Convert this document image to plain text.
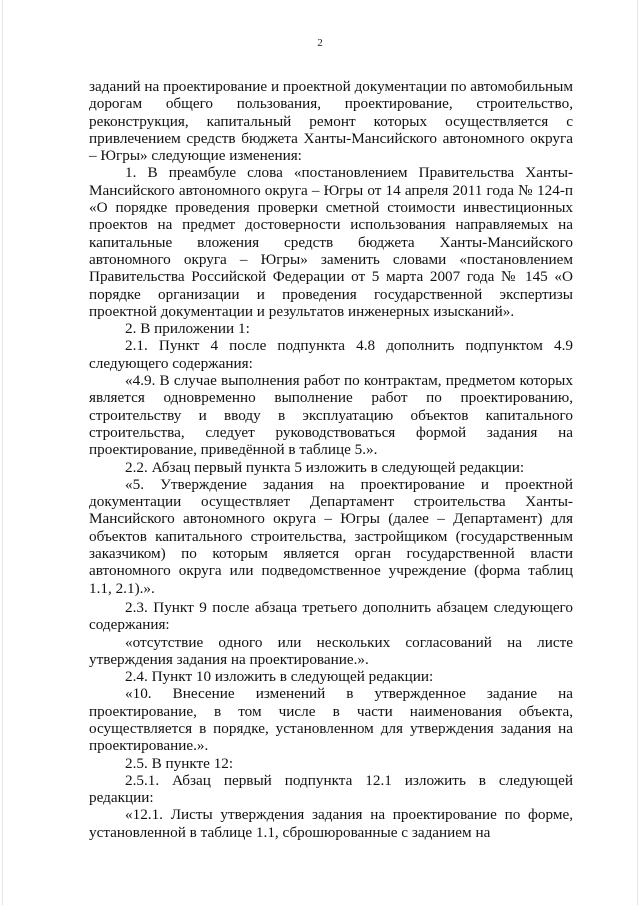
2

заданий на проектирование и проектной документации по автомобильным дорогам общего пользования, проектирование, строительство, реконструкция, капитальный ремонт которых осуществляется с привлечением средств бюджета Ханты-Мансийского автономного округа – Югры» следующие изменения:

1. В преамбуле слова «постановлением Правительства Ханты-Мансийского автономного округа – Югры от 14 апреля 2011 года № 124-п «О порядке проведения проверки сметной стоимости инвестиционных проектов на предмет достоверности использования направляемых на капитальные вложения средств бюджета Ханты-Мансийского автономного округа – Югры» заменить словами «постановлением Правительства Российской Федерации от 5 марта 2007 года № 145 «О порядке организации и проведения государственной экспертизы проектной документации и результатов инженерных изысканий».

2. В приложении 1:

2.1. Пункт 4 после подпункта 4.8 дополнить подпунктом 4.9 следующего содержания:

«4.9. В случае выполнения работ по контрактам, предметом которых является одновременно выполнение работ по проектированию, строительству и вводу в эксплуатацию объектов капитального строительства, следует руководствоваться формой задания на проектирование, приведённой в таблице 5.».

2.2. Абзац первый пункта 5 изложить в следующей редакции:

«5. Утверждение задания на проектирование и проектной документации осуществляет Департамент строительства Ханты-Мансийского автономного округа – Югры (далее – Департамент) для объектов капитального строительства, застройщиком (государственным заказчиком) по которым является орган государственной власти автономного округа или подведомственное учреждение (форма таблиц 1.1, 2.1).».

2.3. Пункт 9 после абзаца третьего дополнить абзацем следующего содержания:

«отсутствие одного или нескольких согласований на листе утверждения задания на проектирование.».

2.4. Пункт 10 изложить в следующей редакции:

«10. Внесение изменений в утвержденное задание на проектирование, в том числе в части наименования объекта, осуществляется в порядке, установленном для утверждения задания на проектирование.».

2.5. В пункте 12:

2.5.1. Абзац первый подпункта 12.1 изложить в следующей редакции:

«12.1. Листы утверждения задания на проектирование по форме, установленной в таблице 1.1, сброшюрованные с заданием на
